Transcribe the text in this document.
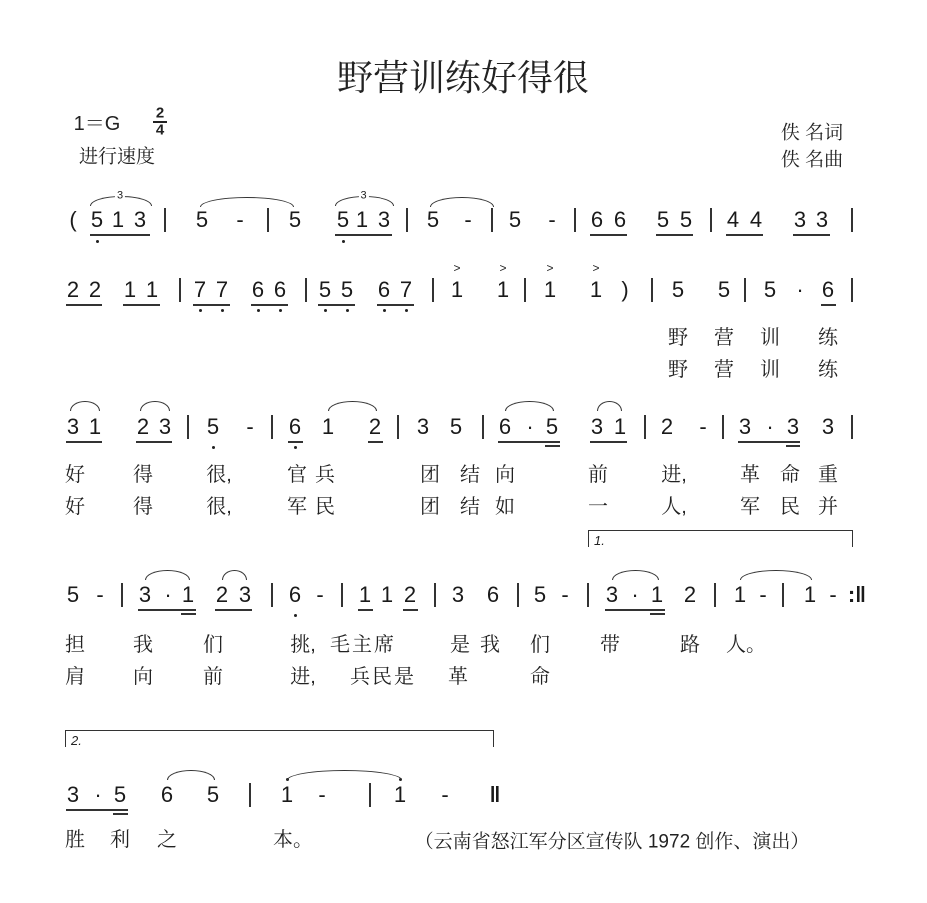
野营训练好得很
1＝G 2
4
进行速度
佚 名词
佚 名曲
1.
2.
（云南省怒江军分区宣传队 1972 创作、演出）
( 5 1 3 5 - 5 5 1 3 5 - 5 - 6 6 5 5 4 4 3 3
3	3
2 2 1 1 7 7 6 6 5 5 6 7 1 1 1 1 ) 5 5 5 · 6
>	>	>	>
野 营 训 练
野 营 训 练
3 1 2 3 5 - 6 1 2 3 5 6 · 5 3 1 2 - 3 · 3 3
好 得	很,	官 兵	团 结 向	前	进,	革 命 重
好 得	很,	军 民	团 结 如	一	人,	军 民 并
5 - 3 · 1 2 3 6 - 1 1 2 3 6 5 - 3 · 1 2 1 - 1 - :‖
担 我	们	挑, 毛 主 席	是 我 们	带	路 人。
肩 向	前	进, 兵 民 是 革	命
3 · 5 6 5	1 -	1 - ‖
胜 利 之	本。
